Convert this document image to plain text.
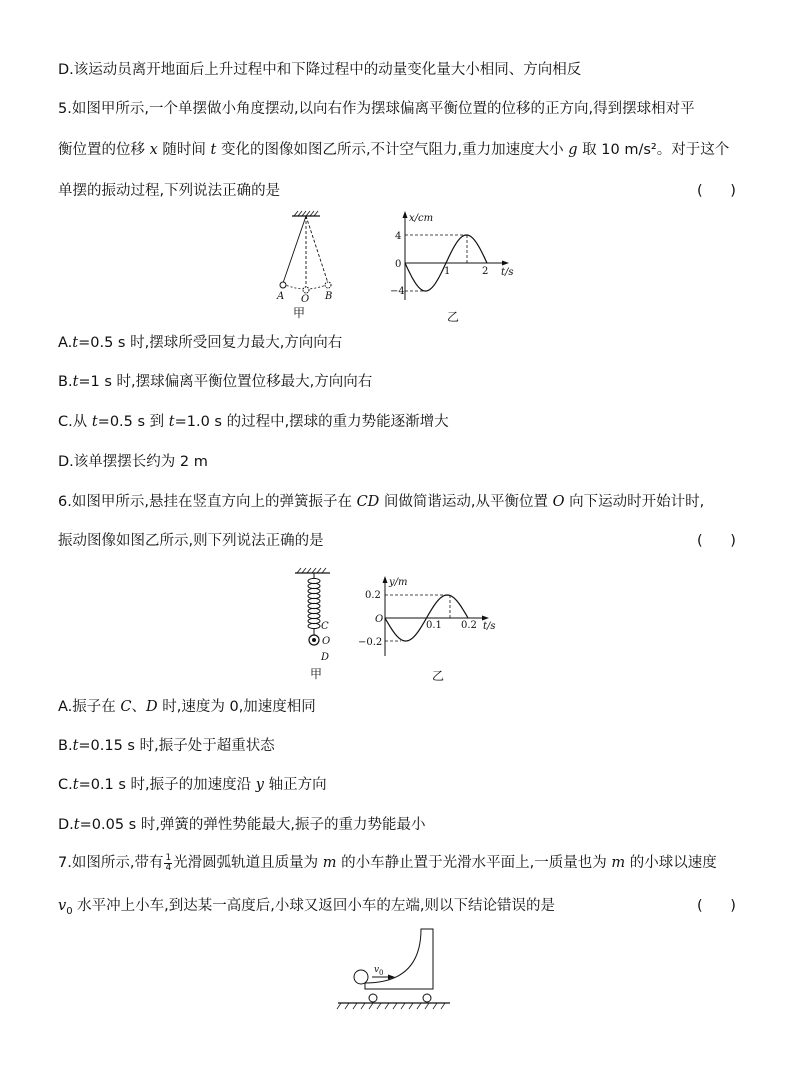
D.该运动员离开地面后上升过程中和下降过程中的动量变化量大小相同、方向相反
5.如图甲所示,一个单摆做小角度摆动,以向右作为摆球偏离平衡位置的位移的正方向,得到摆球相对平
衡位置的位移 x 随时间 t 变化的图像如图乙所示,不计空气阻力,重力加速度大小 g 取 10 m/s²。对于这个
单摆的振动过程,下列说法正确的是	(      )
A.t=0.5 s 时,摆球所受回复力最大,方向向右
B.t=1 s 时,摆球偏离平衡位置位移最大,方向向右
C.从 t=0.5 s 到 t=1.0 s 的过程中,摆球的重力势能逐渐增大
D.该单摆摆长约为 2 m
6.如图甲所示,悬挂在竖直方向上的弹簧振子在 CD 间做简谐运动,从平衡位置 O 向下运动时开始计时,
振动图像如图乙所示,则下列说法正确的是	(      )
A.振子在 C、D 时,速度为 0,加速度相同
B.t=0.15 s 时,振子处于超重状态
C.t=0.1 s 时,振子的加速度沿 y 轴正方向
D.t=0.05 s 时,弹簧的弹性势能最大,振子的重力势能最小
7.如图所示,带有 $\frac{1}{4}$ 光滑圆弧轨道且质量为 m 的小车静止置于光滑水平面上,一质量也为 m 的小球以速度
$v_0$ 水平冲上小车,到达某一高度后,小球又返回小车的左端,则以下结论错误的是	(      )
A O B
甲
x/cm
t/s
4
−4
0
1	2
乙
C
O
D
甲
y/m
t/s
0.2
−0.2
O
0.1 0.2
乙
v 0
